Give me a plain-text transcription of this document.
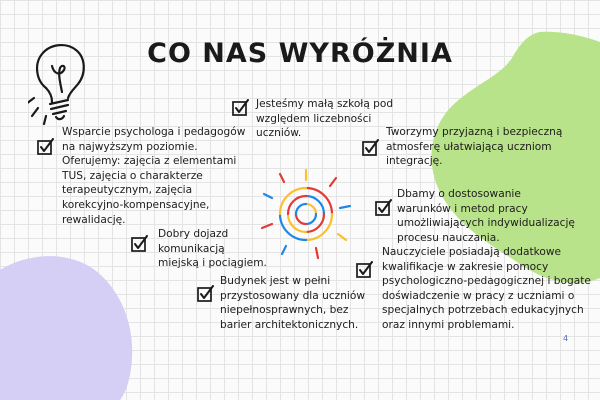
CO NAS WYRÓŻNIA
Wsparcie psychologa i pedagogów na najwyższym poziomie. Oferujemy: zajęcia z elementami TUS, zajęcia o charakterze terapeutycznym, zajęcia korekcyjno-kompensacyjne, rewalidację.
Jesteśmy małą szkołą pod względem liczebności uczniów.	Tworzymy przyjazną i bezpieczną atmosferę ułatwiającą uczniom integrację.
Dbamy o dostosowanie warunków i metod pracy umożliwiających indywidualizację procesu nauczania.
Dobry dojazd komunikacją miejską i pociągiem.
Budynek jest w pełni przystosowany dla uczniów niepełnosprawnych, bez barier architektonicznych.
Nauczyciele posiadają dodatkowe kwalifikacje w zakresie pomocy psychologiczno-pedagogicznej i bogate doświadczenie w pracy z uczniami o specjalnych potrzebach edukacyjnych oraz innymi problemami.
4
